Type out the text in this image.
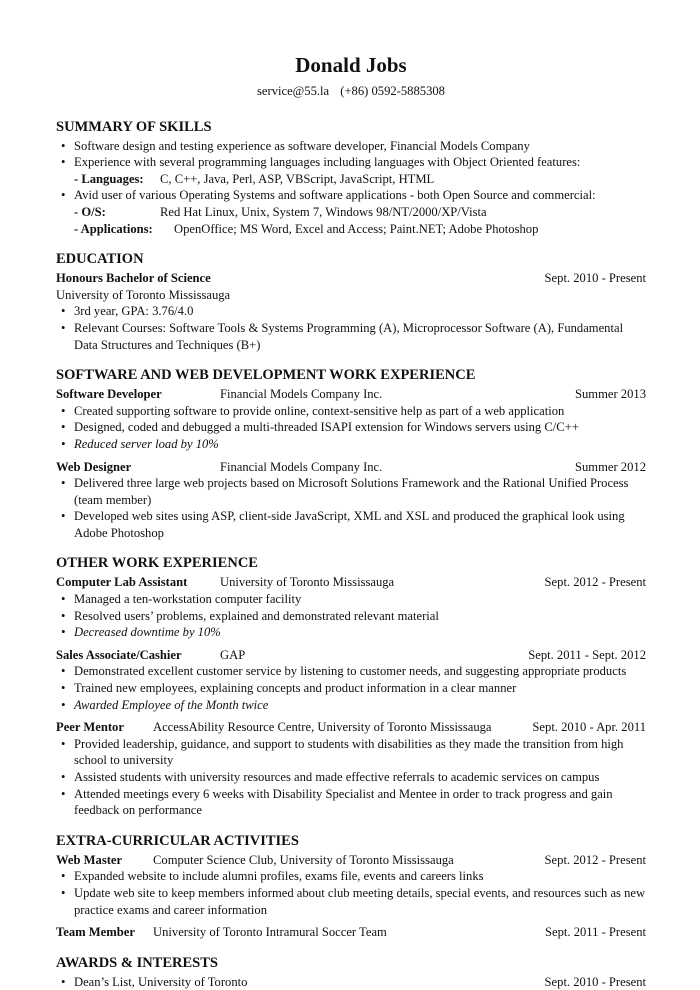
Donald Jobs
service@55.la (+86) 0592-5885308
SUMMARY OF SKILLS
• Software design and testing experience as software developer, Financial Models Company
• Experience with several programming languages including languages with Object Oriented features:
- Languages:	C, C++, Java, Perl, ASP, VBScript, JavaScript, HTML
• Avid user of various Operating Systems and software applications - both Open Source and commercial:
- O/S:	Red Hat Linux, Unix, System 7, Windows 98/NT/2000/XP/Vista
- Applications:	OpenOffice; MS Word, Excel and Access; Paint.NET; Adobe Photoshop
EDUCATION
Honours Bachelor of Science	Sept. 2010 - Present
University of Toronto Mississauga
• 3rd year, GPA: 3.76/4.0
• Relevant Courses: Software Tools & Systems Programming (A), Microprocessor Software (A), Fundamental Data Structures and Techniques (B+)
SOFTWARE AND WEB DEVELOPMENT WORK EXPERIENCE
Software Developer	Financial Models Company Inc.	Summer 2013
• Created supporting software to provide online, context-sensitive help as part of a web application
• Designed, coded and debugged a multi-threaded ISAPI extension for Windows servers using C/C++
• Reduced server load by 10%
Web Designer	Financial Models Company Inc.	Summer 2012
• Delivered three large web projects based on Microsoft Solutions Framework and the Rational Unified Process (team member)
• Developed web sites using ASP, client-side JavaScript, XML and XSL and produced the graphical look using Adobe Photoshop
OTHER WORK EXPERIENCE
Computer Lab Assistant	University of Toronto Mississauga	Sept. 2012 - Present
• Managed a ten-workstation computer facility
• Resolved users’ problems, explained and demonstrated relevant material
• Decreased downtime by 10%
Sales Associate/Cashier	GAP	Sept. 2011 - Sept. 2012
• Demonstrated excellent customer service by listening to customer needs, and suggesting appropriate products
• Trained new employees, explaining concepts and product information in a clear manner
• Awarded Employee of the Month twice
Peer Mentor	AccessAbility Resource Centre, University of Toronto Mississauga	Sept. 2010 - Apr. 2011
• Provided leadership, guidance, and support to students with disabilities as they made the transition from high school to university
• Assisted students with university resources and made effective referrals to academic services on campus
• Attended meetings every 6 weeks with Disability Specialist and Mentee in order to track progress and gain feedback on performance
EXTRA-CURRICULAR ACTIVITIES
Web Master	Computer Science Club, University of Toronto Mississauga	Sept. 2012 - Present
• Expanded website to include alumni profiles, exams file, events and careers links
• Update web site to keep members informed about club meeting details, special events, and resources such as new practice exams and career information
Team Member	University of Toronto Intramural Soccer Team	Sept. 2011 - Present
AWARDS & INTERESTS
• Dean’s List, University of Toronto	Sept. 2010 - Present
